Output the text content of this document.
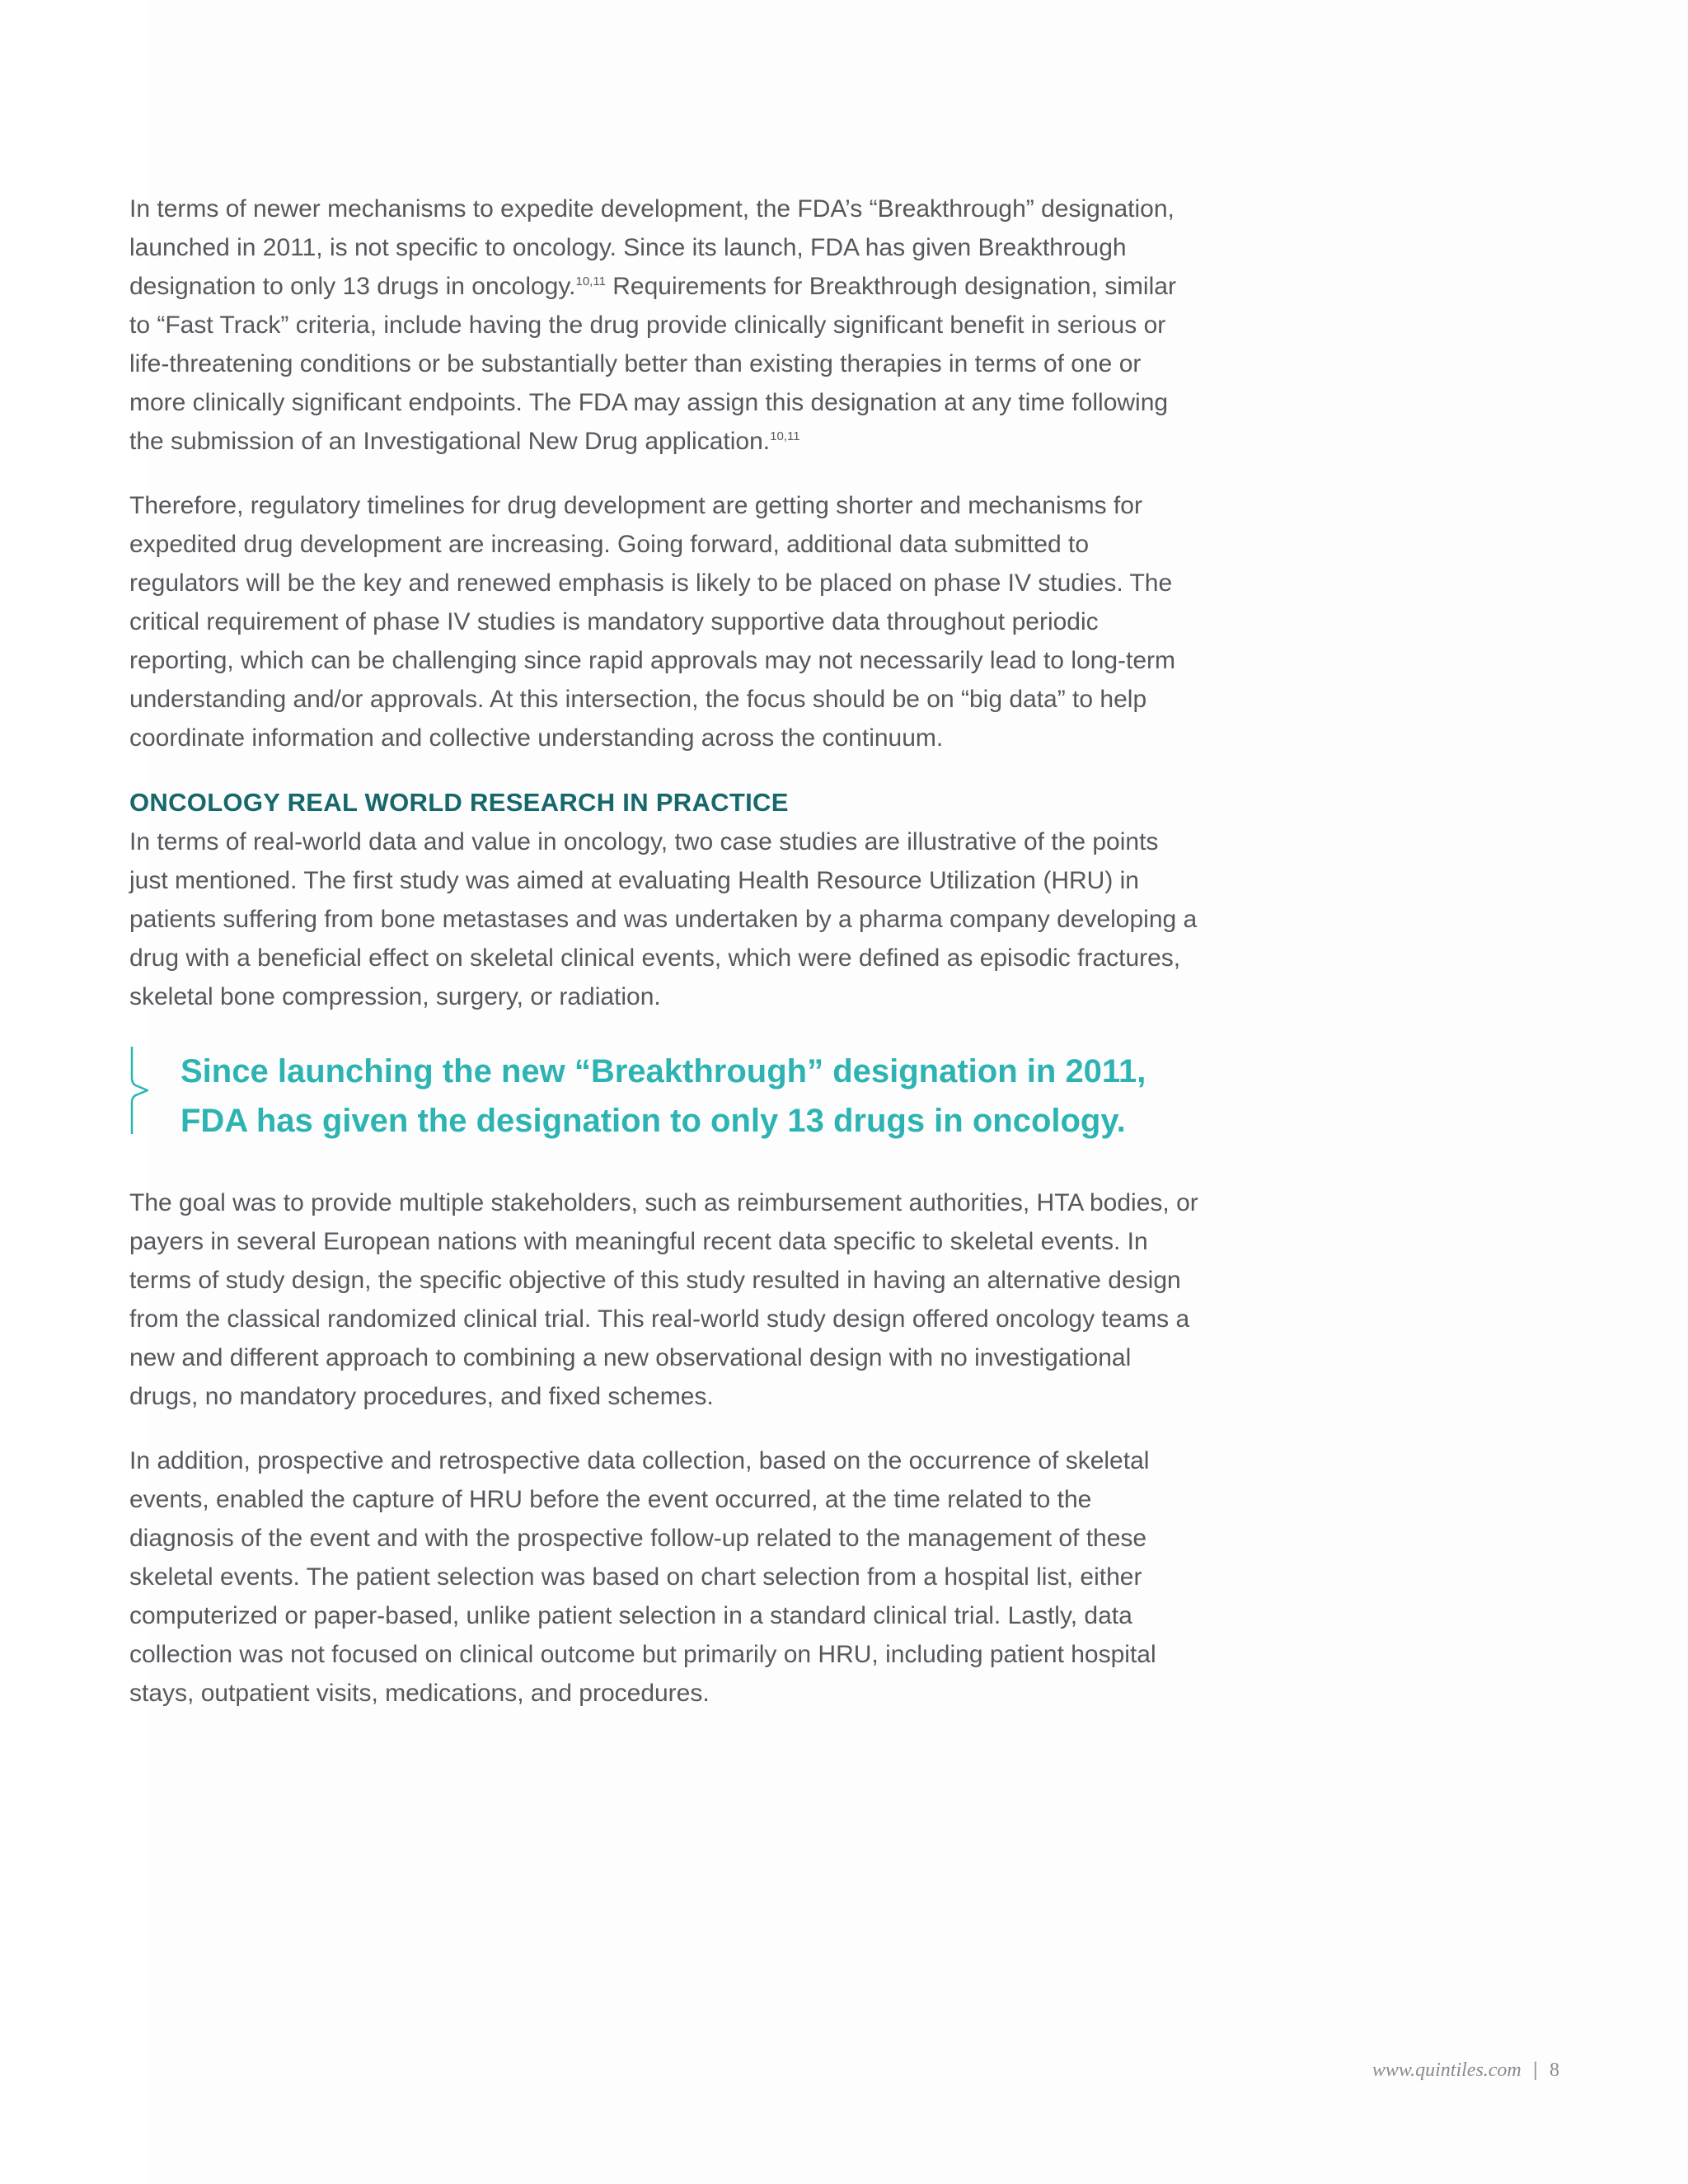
In terms of newer mechanisms to expedite development, the FDA’s “Breakthrough” designation, launched in 2011, is not specific to oncology. Since its launch, FDA has given Breakthrough designation to only 13 drugs in oncology.$^{10,11}$ Requirements for Breakthrough designation, similar to “Fast Track” criteria, include having the drug provide clinically significant benefit in serious or life-threatening conditions or be substantially better than existing therapies in terms of one or more clinically significant endpoints. The FDA may assign this designation at any time following the submission of an Investigational New Drug application.$^{10,11}$

Therefore, regulatory timelines for drug development are getting shorter and mechanisms for expedited drug development are increasing. Going forward, additional data submitted to regulators will be the key and renewed emphasis is likely to be placed on phase IV studies. The critical requirement of phase IV studies is mandatory supportive data throughout periodic reporting, which can be challenging since rapid approvals may not necessarily lead to long-term understanding and/or approvals. At this intersection, the focus should be on “big data” to help coordinate information and collective understanding across the continuum.

ONCOLOGY REAL WORLD RESEARCH IN PRACTICE

In terms of real-world data and value in oncology, two case studies are illustrative of the points just mentioned. The first study was aimed at evaluating Health Resource Utilization (HRU) in patients suffering from bone metastases and was undertaken by a pharma company developing a drug with a beneficial effect on skeletal clinical events, which were defined as episodic fractures, skeletal bone compression, surgery, or radiation.

Since launching the new “Breakthrough” designation in 2011,
FDA has given the designation to only 13 drugs in oncology.

The goal was to provide multiple stakeholders, such as reimbursement authorities, HTA bodies, or payers in several European nations with meaningful recent data specific to skeletal events. In terms of study design, the specific objective of this study resulted in having an alternative design from the classical randomized clinical trial. This real-world study design offered oncology teams a new and different approach to combining a new observational design with no investigational drugs, no mandatory procedures, and fixed schemes.

In addition, prospective and retrospective data collection, based on the occurrence of skeletal events, enabled the capture of HRU before the event occurred, at the time related to the diagnosis of the event and with the prospective follow-up related to the management of these skeletal events. The patient selection was based on chart selection from a hospital list, either computerized or paper-based, unlike patient selection in a standard clinical trial. Lastly, data collection was not focused on clinical outcome but primarily on HRU, including patient hospital stays, outpatient visits, medications, and procedures.

www.quintiles.com | 8
